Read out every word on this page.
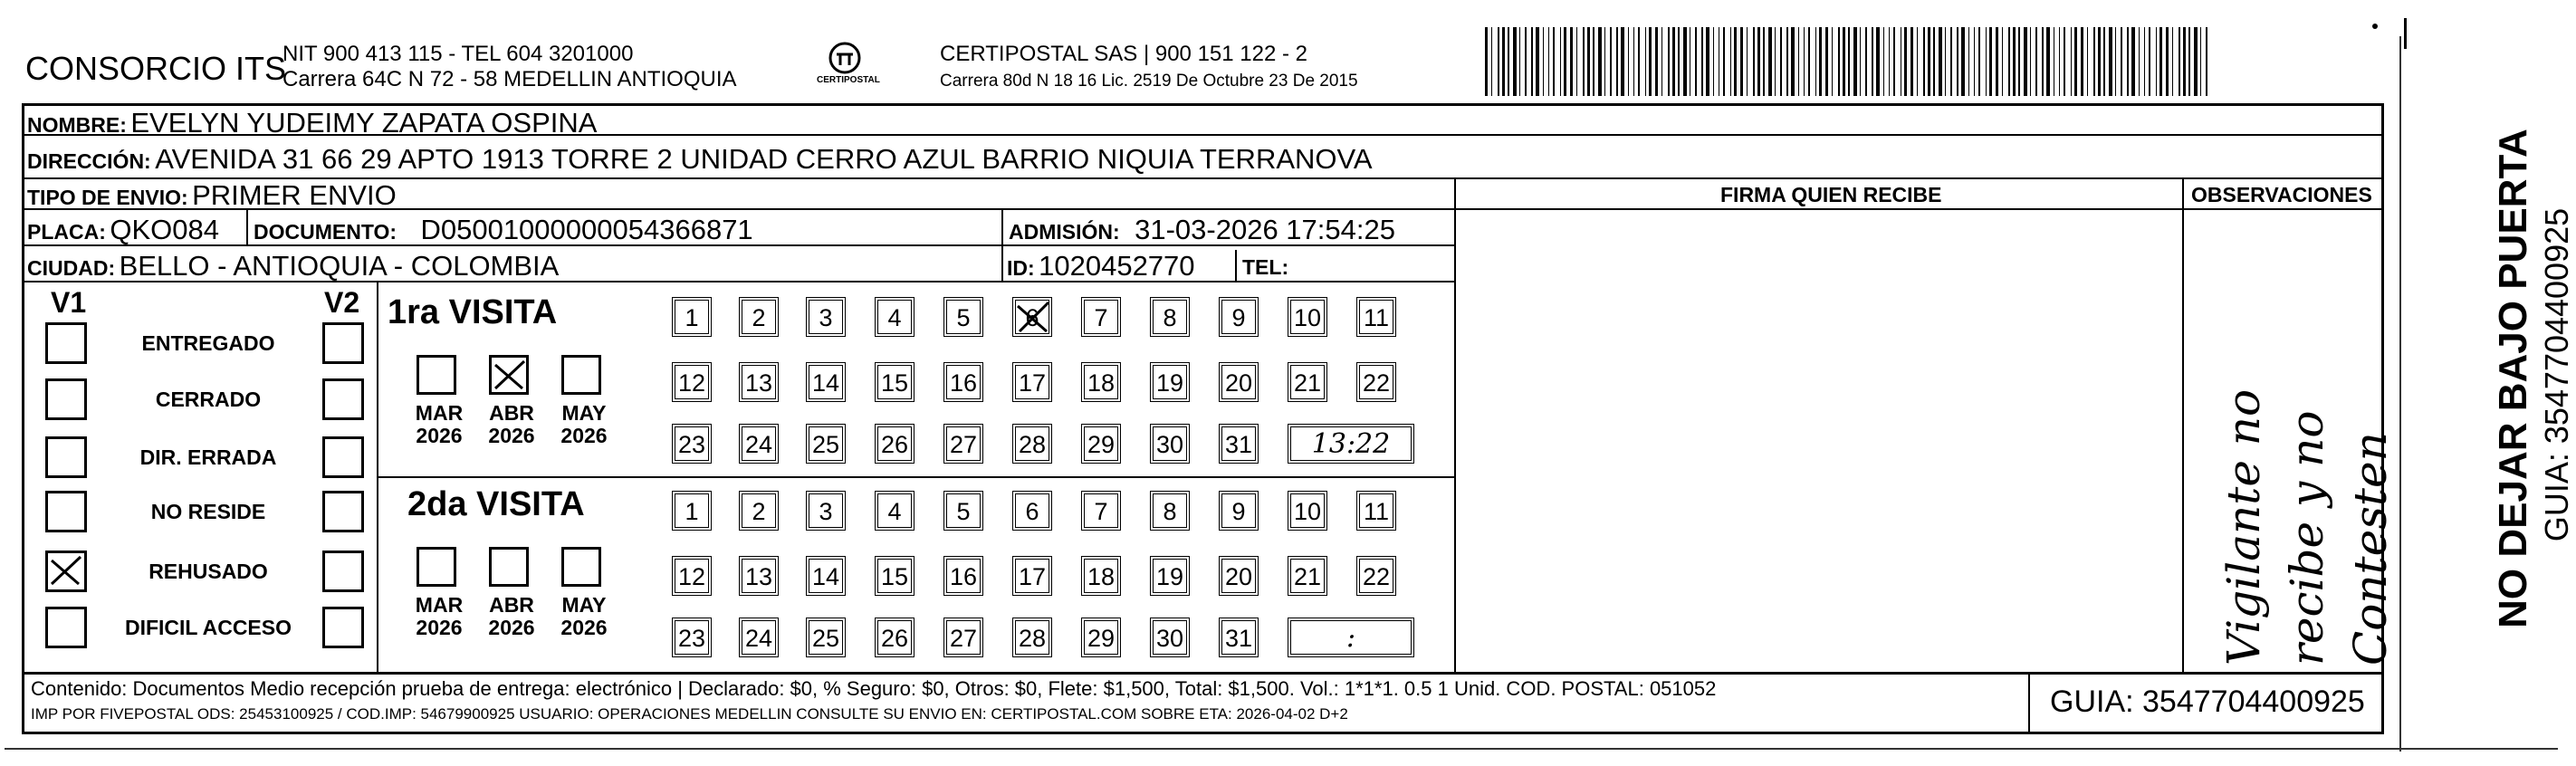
CONSORCIO ITS
NIT 900 413 115 - TEL 604 3201000
Carrera 64C N 72 - 58 MEDELLIN ANTIOQUIA	CERTIPOSTAL
CERTIPOSTAL SAS | 900 151 122 - 2
Carrera 80d N 18 16 Lic. 2519 De Octubre 23 De 2015
NOMBRE: EVELYN YUDEIMY ZAPATA OSPINA
DIRECCIÓN: AVENIDA 31 66 29 APTO 1913 TORRE 2 UNIDAD CERRO AZUL BARRIO NIQUIA TERRANOVA
TIPO DE ENVIO: PRIMER ENVIO
PLACA: QKO084 DOCUMENTO: D05001000000054366871	ADMISIÓN: 31-03-2026 17:54:25
CIUDAD: BELLO - ANTIOQUIA - COLOMBIA	ID: 1020452770 TEL:
FIRMA QUIEN RECIBE	OBSERVACIONES
Vigilante no recibe y no Contesten
V1	V2 1ra VISITA
2da VISITA
Contenido: Documentos Medio recepción prueba de entrega: electrónico | Declarado: $0, % Seguro: $0, Otros: $0, Flete: $1,500, Total: $1,500. Vol.: 1*1*1. 0.5 1 Unid. COD. POSTAL: 051052
IMP POR FIVEPOSTAL ODS: 25453100925 / COD.IMP: 54679900925 USUARIO: OPERACIONES MEDELLIN CONSULTE SU ENVIO EN: CERTIPOSTAL.COM SOBRE ETA: 2026-04-02 D+2	GUIA: 3547704400925
NO DEJAR BAJO PUERTA GUIA: 3547704400925
ENTREGADO
CERRADO
DIR. ERRADA
NO RESIDE
REHUSADO
DIFICIL ACCESO
MAR
2026
ABR
2026
MAY
2026
MAR
2026
ABR
2026
MAY
2026
1	2	3	4	5	6	7	8	9	10 11
12 13 14 15 16 17 18 19 20 21 22
23 24 25 26 27 28 29 30 31	13:22
1	2	3	4	5	6	7	8	9	10 11
12 13 14 15 16 17 18 19 20 21 22
23 24 25 26 27 28 29 30 31	:
